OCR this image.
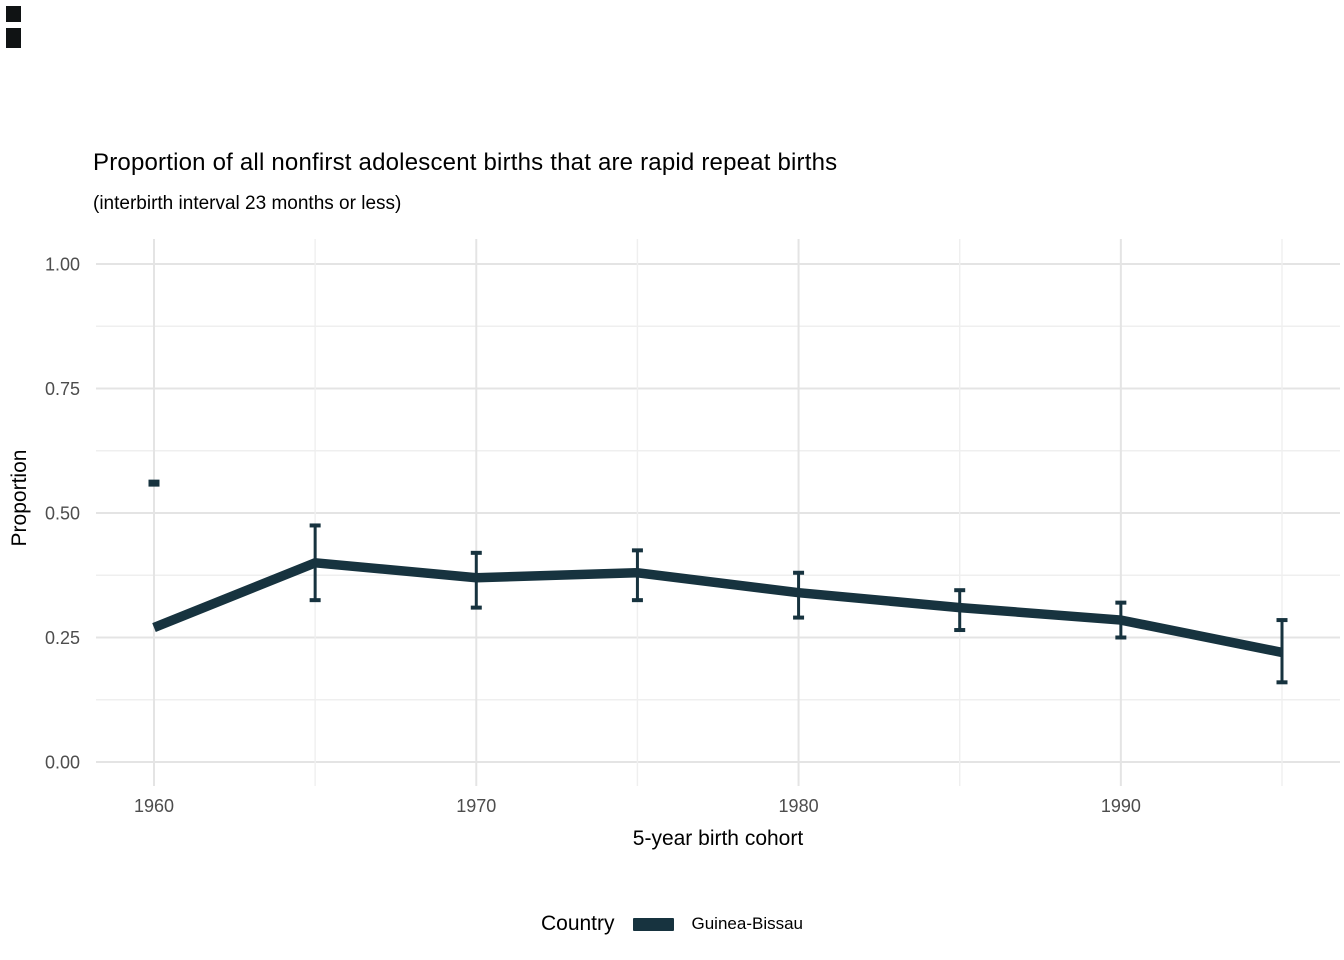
Proportion of all nonfirst adolescent births that are rapid repeat births
(interbirth interval 23 months or less)
0.00
0.25
0.50
0.75
1.00
1960	1970	1980	1990
Proportion
5-year birth cohort
Country	Guinea-Bissau
